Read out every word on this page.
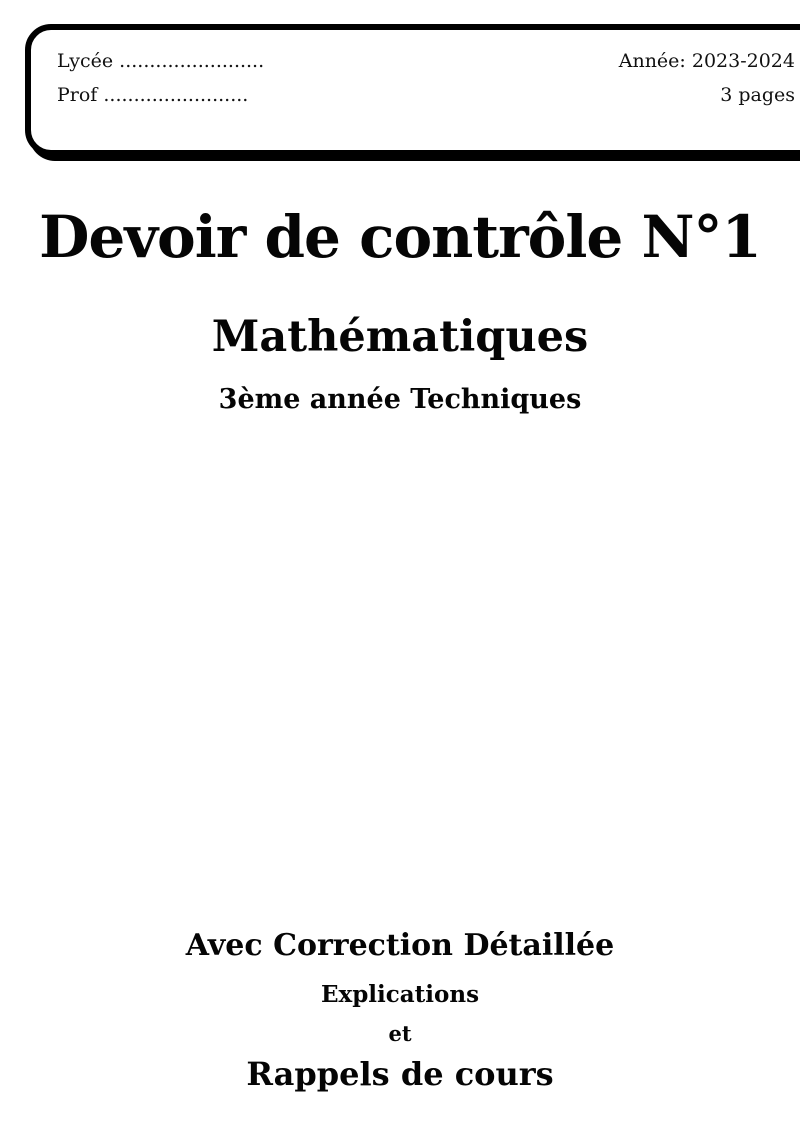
Lycée ........................
Prof ........................
Année: 2023-2024
3 pages
Devoir de contrôle N°1
Mathématiques
3ème année Techniques
Avec Correction Détaillée
Explications
et
Rappels de cours
